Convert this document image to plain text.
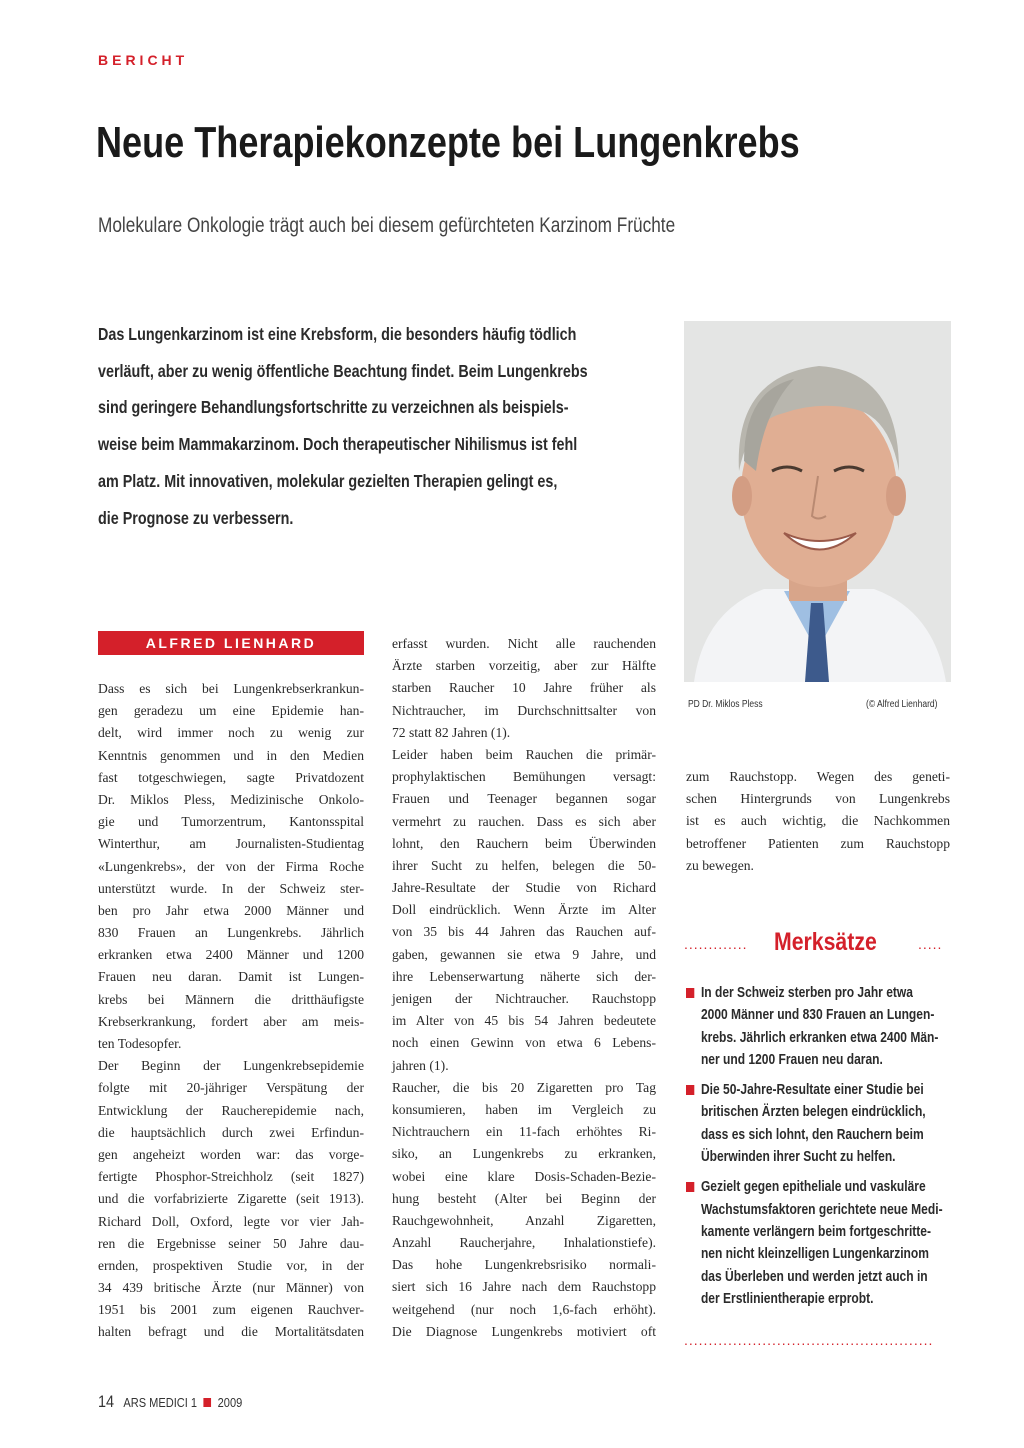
BERICHT
Neue Therapiekonzepte bei Lungenkrebs
Molekulare Onkologie trägt auch bei diesem gefürchteten Karzinom Früchte
Das Lungenkarzinom ist eine Krebsform, die besonders häufig tödlich
verläuft, aber zu wenig öffentliche Beachtung findet. Beim Lungenkrebs
sind geringere Behandlungsfortschritte zu verzeichnen als beispiels-
weise beim Mammakarzinom. Doch therapeutischer Nihilismus ist fehl
am Platz. Mit innovativen, molekular gezielten Therapien gelingt es,
die Prognose zu verbessern.
PD Dr. Miklos Pless	(© Alfred Lienhard)
ALFRED LIENHARD
Dass es sich bei Lungenkrebserkrankun-
gen geradezu um eine Epidemie han-
delt, wird immer noch zu wenig zur
Kenntnis genommen und in den Medien
fast totgeschwiegen, sagte Privatdozent
Dr. Miklos Pless, Medizinische Onkolo-
gie und Tumorzentrum, Kantonsspital
Winterthur, am Journalisten-Studientag
«Lungenkrebs», der von der Firma Roche
unterstützt wurde. In der Schweiz ster-
ben pro Jahr etwa 2000 Männer und
830 Frauen an Lungenkrebs. Jährlich
erkranken etwa 2400 Männer und 1200
Frauen neu daran. Damit ist Lungen-
krebs bei Männern die dritthäufigste
Krebserkrankung, fordert aber am meis-
ten Todesopfer.
Der Beginn der Lungenkrebsepidemie
folgte mit 20-jähriger Verspätung der
Entwicklung der Raucherepidemie nach,
die hauptsächlich durch zwei Erfindun-
gen angeheizt worden war: das vorge-
fertigte Phosphor-Streichholz (seit 1827)
und die vorfabrizierte Zigarette (seit 1913).
Richard Doll, Oxford, legte vor vier Jah-
ren die Ergebnisse seiner 50 Jahre dau-
ernden, prospektiven Studie vor, in der
34 439 britische Ärzte (nur Männer) von
1951 bis 2001 zum eigenen Rauchver-
halten befragt und die Mortalitätsdaten
erfasst wurden. Nicht alle rauchenden
Ärzte starben vorzeitig, aber zur Hälfte
starben Raucher 10 Jahre früher als
Nichtraucher, im Durchschnittsalter von
72 statt 82 Jahren (1).
Leider haben beim Rauchen die primär-
prophylaktischen Bemühungen versagt:
Frauen und Teenager begannen sogar
vermehrt zu rauchen. Dass es sich aber
lohnt, den Rauchern beim Überwinden
ihrer Sucht zu helfen, belegen die 50-
Jahre-Resultate der Studie von Richard
Doll eindrücklich. Wenn Ärzte im Alter
von 35 bis 44 Jahren das Rauchen auf-
gaben, gewannen sie etwa 9 Jahre, und
ihre Lebenserwartung näherte sich der-
jenigen der Nichtraucher. Rauchstopp
im Alter von 45 bis 54 Jahren bedeutete
noch einen Gewinn von etwa 6 Lebens-
jahren (1).
Raucher, die bis 20 Zigaretten pro Tag
konsumieren, haben im Vergleich zu
Nichtrauchern ein 11-fach erhöhtes Ri-
siko, an Lungenkrebs zu erkranken,
wobei eine klare Dosis-Schaden-Bezie-
hung besteht (Alter bei Beginn der
Rauchgewohnheit, Anzahl Zigaretten,
Anzahl Raucherjahre, Inhalationstiefe).
Das hohe Lungenkrebsrisiko normali-
siert sich 16 Jahre nach dem Rauchstopp
weitgehend (nur noch 1,6-fach erhöht).
Die Diagnose Lungenkrebs motiviert oft
zum Rauchstopp. Wegen des geneti-
schen Hintergrunds von Lungenkrebs
ist es auch wichtig, die Nachkommen
betroffener Patienten zum Rauchstopp
zu bewegen.
............. Merksätze	.....
In der Schweiz sterben pro Jahr etwa
2000 Männer und 830 Frauen an Lungen-
krebs. Jährlich erkranken etwa 2400 Män-
ner und 1200 Frauen neu daran.
Die 50-Jahre-Resultate einer Studie bei
britischen Ärzten belegen eindrücklich,
dass es sich lohnt, den Rauchern beim
Überwinden ihrer Sucht zu helfen.
Gezielt gegen epitheliale und vaskuläre
Wachstumsfaktoren gerichtete neue Medi-
kamente verlängern beim fortgeschritte-
nen nicht kleinzelligen Lungenkarzinom
das Überleben und werden jetzt auch in
der Erstlinientherapie erprobt.
...................................................
14 ARS MEDICI 1 2009
